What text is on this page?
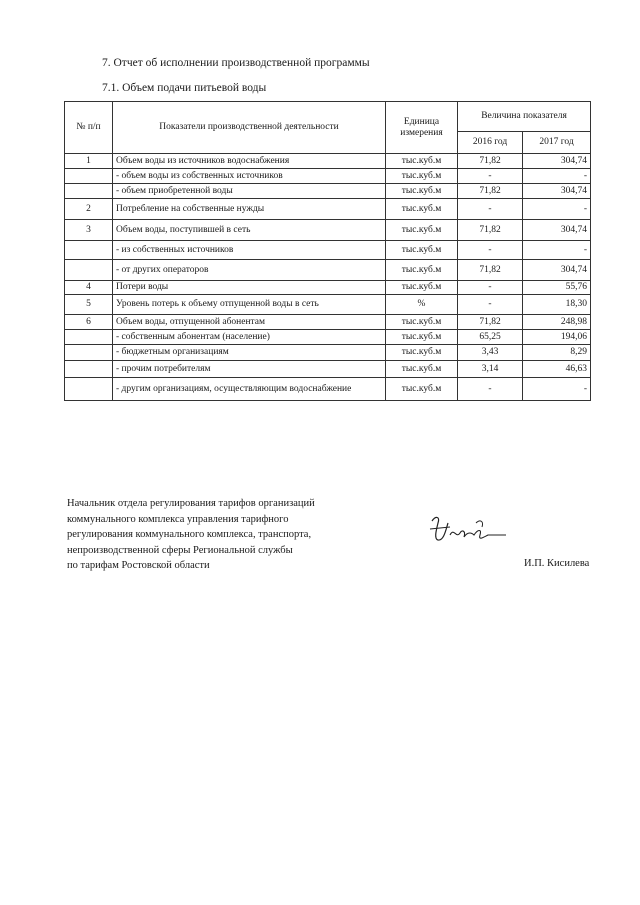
7. Отчет об исполнении производственной программы
7.1. Объем подачи питьевой воды
№ п/п	Показатели производственной деятельности	Единица измерения	Величина показателя	
			2016 год	2017 год
1	Объем воды из источников водоснабжения	тыс.куб.м	71,82	304,74
	- объем воды из собственных источников	тыс.куб.м	-	-
	- объем приобретенной воды	тыс.куб.м	71,82	304,74
2	Потребление на собственные нужды	тыс.куб.м	-	-
3	Объем воды, поступившей в сеть	тыс.куб.м	71,82	304,74
	- из собственных источников	тыс.куб.м	-	-
	- от других операторов	тыс.куб.м	71,82	304,74
4	Потери воды	тыс.куб.м	-	55,76
5	Уровень потерь к объему отпущенной воды в сеть	%	-	18,30
6	Объем воды, отпущенной абонентам	тыс.куб.м	71,82	248,98
	- собственным абонентам (население)	тыс.куб.м	65,25	194,06
	- бюджетным организациям	тыс.куб.м	3,43	8,29
	- прочим потребителям	тыс.куб.м	3,14	46,63
	- другим организациям, осуществляющим водоснабжение	тыс.куб.м	-	-
Начальник отдела регулирования тарифов организаций
коммунального комплекса управления тарифного
регулирования коммунального комплекса, транспорта,
непроизводственной сферы Региональной службы
по тарифам Ростовской области	И.П. Кисилева
